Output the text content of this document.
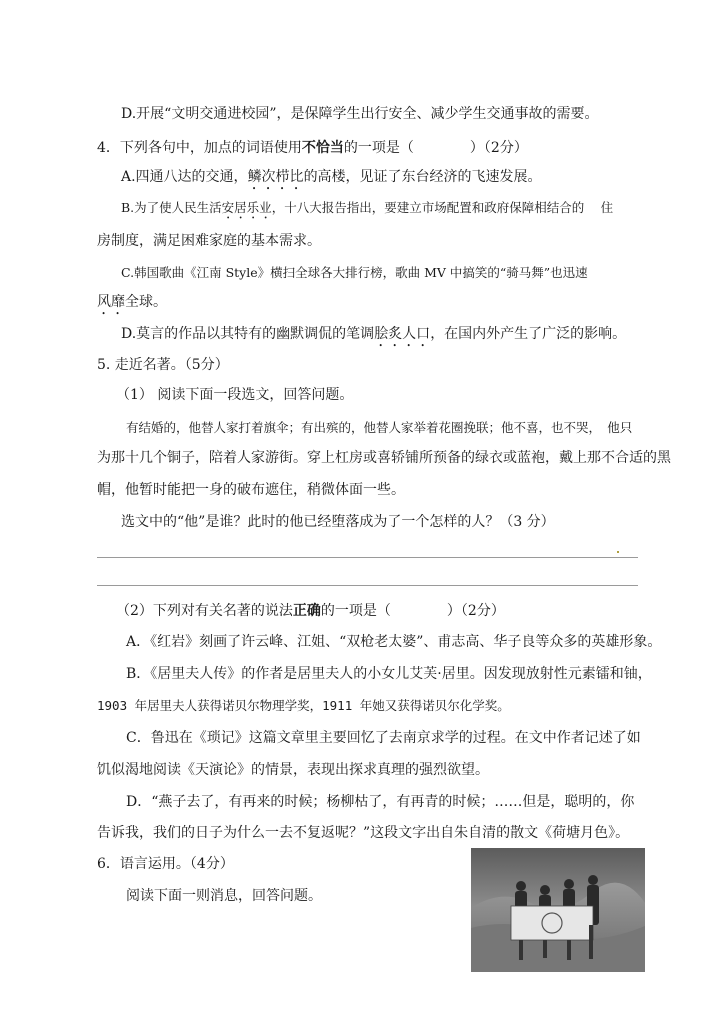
D.开展“文明交通进校园”，是保障学生出行安全、减少学生交通事故的需要。
4．下列各句中，加点的词语使用不恰当的一项是（　　　　）（2分）
A.四通八达的交通，鳞次栉比的高楼，见证了东台经济的飞速发展。
B.为了使人民生活安居乐业，十八大报告指出，要建立市场配置和政府保障相结合的　 住
房制度，满足困难家庭的基本需求。
C.韩国歌曲《江南 Style》横扫全球各大排行榜，歌曲 MV 中搞笑的“骑马舞”也迅速
风靡全球。
D.莫言的作品以其特有的幽默调侃的笔调脍炙人口，在国内外产生了广泛的影响。
5. 走近名著。（5分）
（1） 阅读下面一段选文，回答问题。
有结婚的，他替人家打着旗伞；有出殡的，他替人家举着花圈挽联；他不喜，也不哭，　他只
为那十几个铜子，陪着人家游街。穿上杠房或喜轿铺所预备的绿衣或蓝袍，戴上那不合适的黑
帽，他暂时能把一身的破布遮住，稍微体面一些。
选文中的“他”是谁？此时的他已经堕落成为了一个怎样的人？（3 分）
（2）下列对有关名著的说法正确的一项是（　　　　）（2分）
A．《红岩》刻画了许云峰、江姐、“双枪老太婆”、甫志高、华子良等众多的英雄形象。
B．《居里夫人传》的作者是居里夫人的小女儿艾芙·居里。因发现放射性元素镭和铀，
1903 年居里夫人获得诺贝尔物理学奖，1911 年她又获得诺贝尔化学奖。
C．鲁迅在《琐记》这篇文章里主要回忆了去南京求学的过程。在文中作者记述了如
饥似渴地阅读《天演论》的情景，表现出探求真理的强烈欲望。
D．“燕子去了，有再来的时候；杨柳枯了，有再青的时候；……但是，聪明的，你
告诉我，我们的日子为什么一去不复返呢？”这段文字出自朱自清的散文《荷塘月色》。
6．语言运用。（4分）
阅读下面一则消息，回答问题。
